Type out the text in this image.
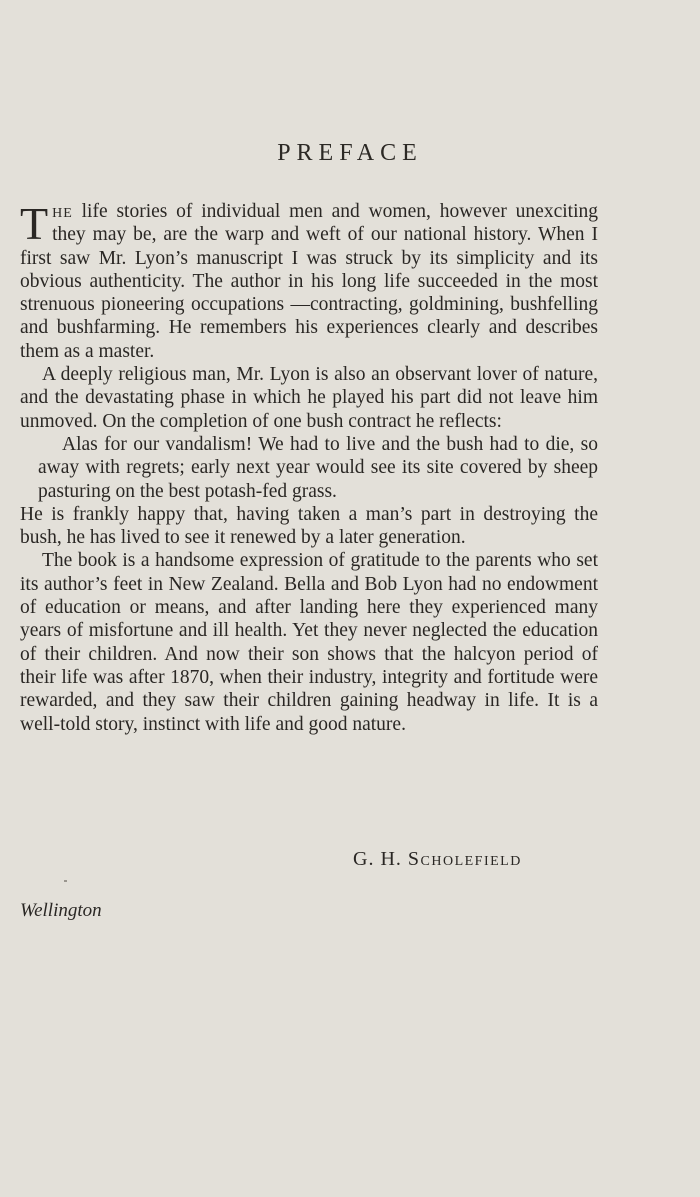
PREFACE

The life stories of individual men and women, however unexciting they may be, are the warp and weft of our national history. When I first saw Mr. Lyon’s manuscript I was struck by its simplicity and its obvious authenticity. The author in his long life succeeded in the most strenuous pioneering occupations —contracting, goldmining, bushfelling and bushfarming. He remembers his experiences clearly and describes them as a master.

A deeply religious man, Mr. Lyon is also an observant lover of nature, and the devastating phase in which he played his part did not leave him unmoved. On the completion of one bush contract he reflects:

Alas for our vandalism! We had to live and the bush had to die, so away with regrets; early next year would see its site covered by sheep pasturing on the best potash-fed grass.

He is frankly happy that, having taken a man’s part in destroying the bush, he has lived to see it renewed by a later generation.

The book is a handsome expression of gratitude to the parents who set its author’s feet in New Zealand. Bella and Bob Lyon had no endowment of education or means, and after landing here they experienced many years of misfortune and ill health. Yet they never neglected the education of their children. And now their son shows that the halcyon period of their life was after 1870, when their industry, integrity and fortitude were rewarded, and they saw their children gaining headway in life. It is a well-told story, instinct with life and good nature.

G. H. Scholefield
Wellington
